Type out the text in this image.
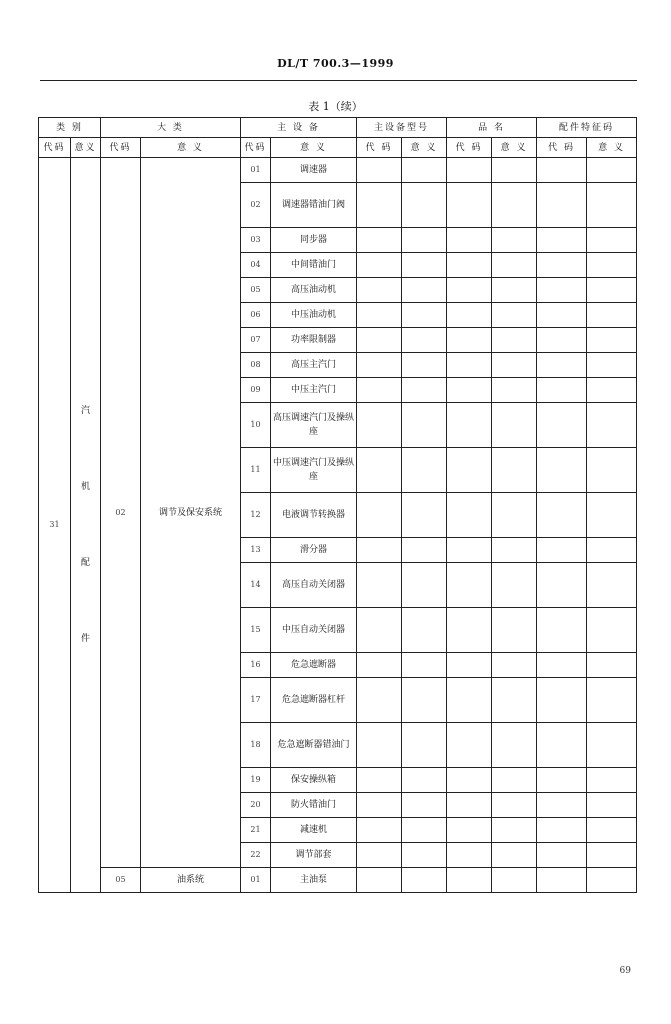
DL/T 700.3—1999
表 1（续）
类 别		大 类		主 设 备		主设备型号		品 名		配件特征码	
代码	意义	代码	意 义	代码	意 义	代 码	意 义	代 码	意 义	代 码	意 义
31	汽机配件	02	调节及保安系统	01	调速器						
				02	调速器错油门阀						
				03	同步器						
				04	中间错油门						
				05	高压油动机						
				06	中压油动机						
				07	功率限制器						
				08	高压主汽门						
				09	中压主汽门						
				10	高压调速汽门及操纵座						
				11	中压调速汽门及操纵座						
				12	电液调节转换器						
				13	滑分器						
				14	高压自动关闭器						
				15	中压自动关闭器						
				16	危急遮断器						
				17	危急遮断器杠杆						
				18	危急遮断器错油门						
				19	保安操纵箱						
				20	防火错油门						
				21	减速机						
				22	调节部套						
		05	油系统	01	主油泵						
69
